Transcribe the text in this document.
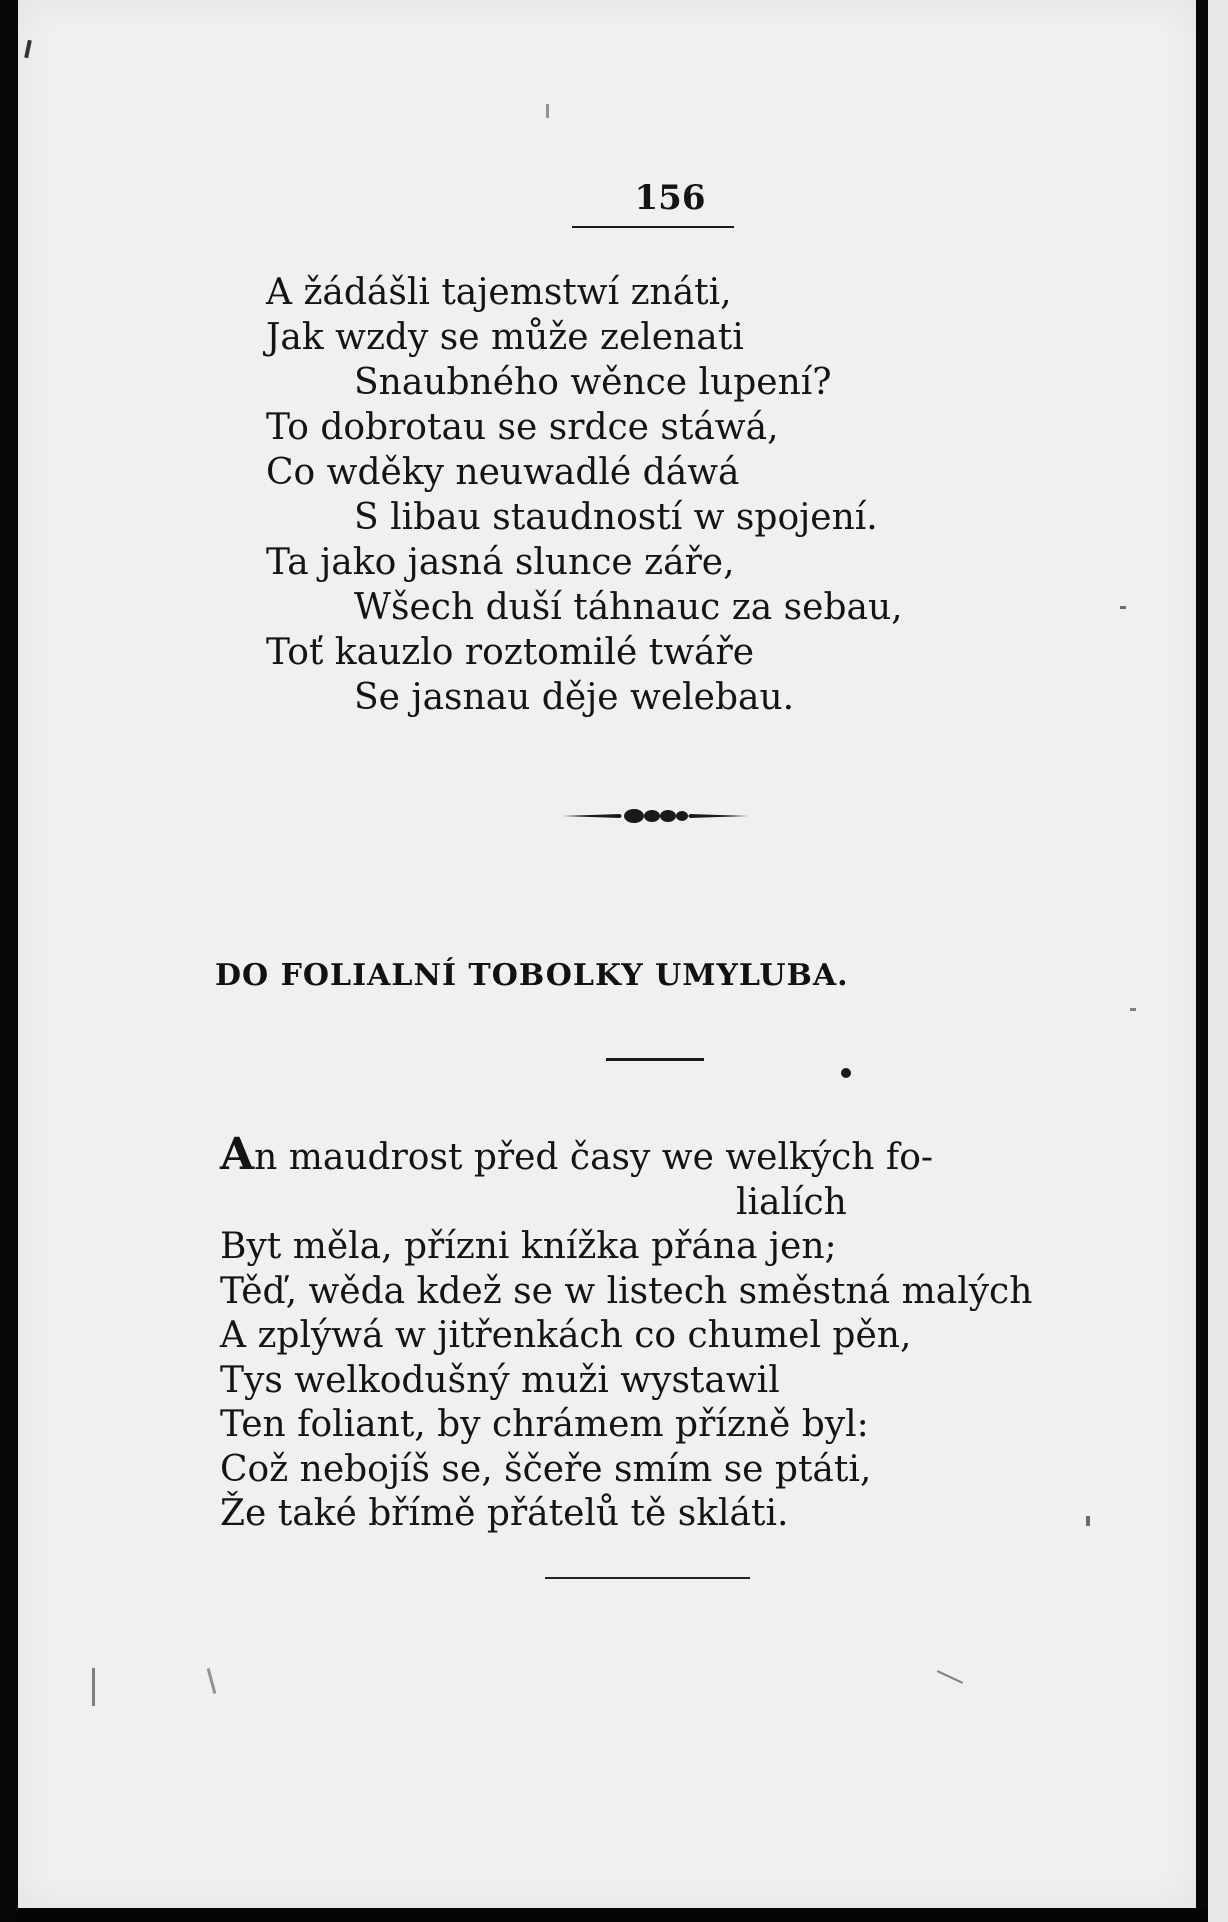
156
A žádášli tajemstwí znáti,
Jak wzdy se může zelenati
Snaubného wěnce lupení?
To dobrotau se srdce stáwá,
Co wděky neuwadlé dáwá
S libau staudností w spojení.
Ta jako jasná slunce záře,
Wšech duší táhnauc za sebau,
Toť kauzlo roztomilé twáře
Se jasnau děje welebau.
DO FOLIALNÍ TOBOLKY UMYLUBA.
An maudrost před časy we welkých fo-
lialích
Byt měla, přízni knížka přána jen;
Těď, wěda kdež se w listech směstná malých
A zplýwá w jitřenkách co chumel pěn,
Tys welkodušný muži wystawil
Ten foliant, by chrámem přízně byl:
Což nebojíš se, ščeře smím se ptáti,
Že také břímě přátelů tě skláti.
